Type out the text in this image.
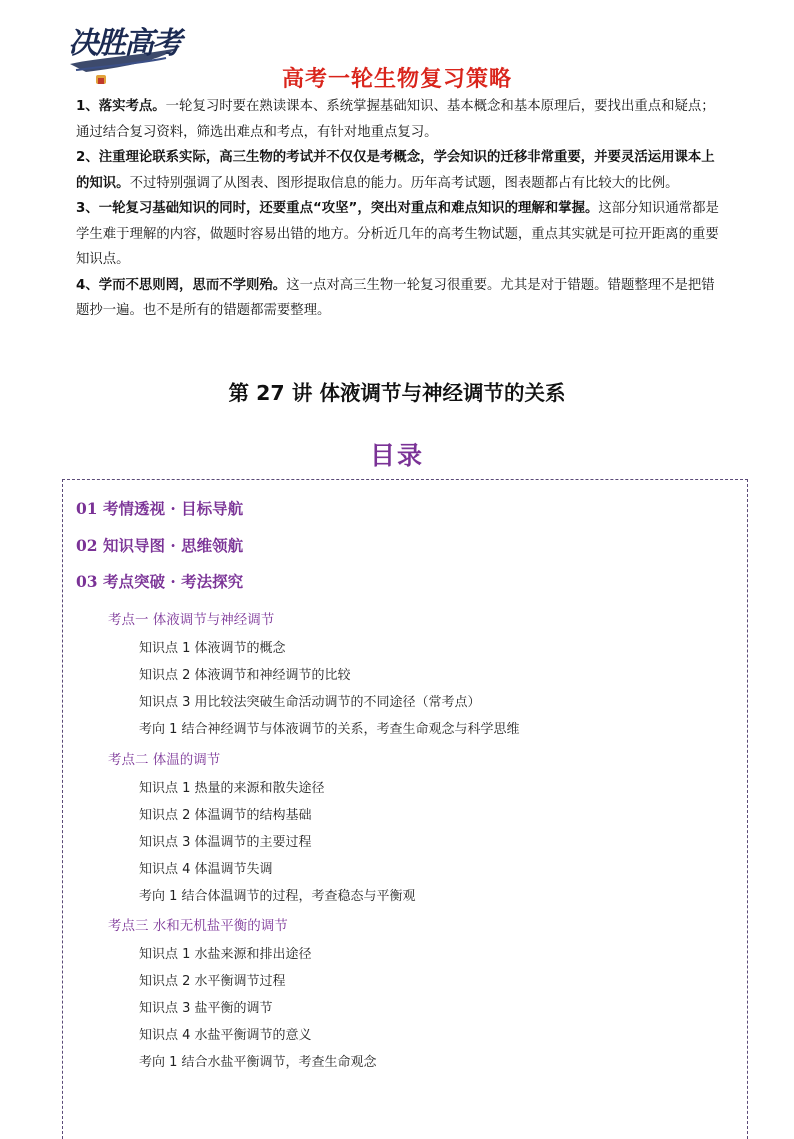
决胜高考
高考一轮生物复习策略

1、落实考点。一轮复习时要在熟读课本、系统掌握基础知识、基本概念和基本原理后，要找出重点和疑点；通过结合复习资料，筛选出难点和考点，有针对地重点复习。

2、注重理论联系实际，高三生物的考试并不仅仅是考概念，学会知识的迁移非常重要，并要灵活运用课本上的知识。不过特别强调了从图表、图形提取信息的能力。历年高考试题，图表题都占有比较大的比例。

3、一轮复习基础知识的同时，还要重点“攻坚”，突出对重点和难点知识的理解和掌握。这部分知识通常都是学生难于理解的内容，做题时容易出错的地方。分析近几年的高考生物试题，重点其实就是可拉开距离的重要知识点。

4、学而不思则罔，思而不学则殆。这一点对高三生物一轮复习很重要。尤其是对于错题。错题整理不是把错题抄一遍。也不是所有的错题都需要整理。

第 27 讲 体液调节与神经调节的关系
目录
01 考情透视 · 目标导航
02 知识导图 · 思维领航
03 考点突破 · 考法探究
考点一 体液调节与神经调节
知识点 1 体液调节的概念
知识点 2 体液调节和神经调节的比较
知识点 3 用比较法突破生命活动调节的不同途径（常考点）
考向 1 结合神经调节与体液调节的关系，考查生命观念与科学思维
考点二 体温的调节
知识点 1 热量的来源和散失途径
知识点 2 体温调节的结构基础
知识点 3 体温调节的主要过程
知识点 4 体温调节失调
考向 1 结合体温调节的过程，考查稳态与平衡观
考点三 水和无机盐平衡的调节
知识点 1 水盐来源和排出途径
知识点 2 水平衡调节过程
知识点 3 盐平衡的调节
知识点 4 水盐平衡调节的意义
考向 1 结合水盐平衡调节，考查生命观念
